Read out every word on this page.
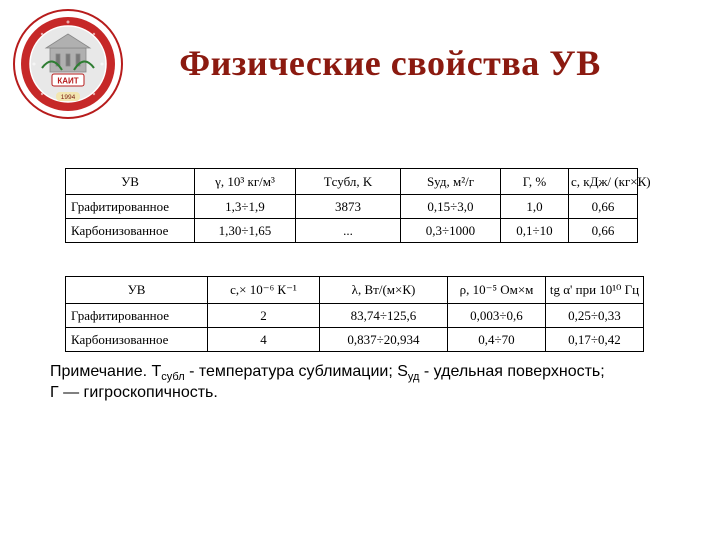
КАИТ
1994
Физические свойства УВ
УВ	γ, 10³ кг/м³	Tсубл, K	Sуд, м²/г	Г, %	с, кДж/ (кг×К)
Графитированное	1,3÷1,9	3873	0,15÷3,0	1,0	0,66
Карбонизованное	1,30÷1,65	...	0,3÷1000	0,1÷10	0,66
УВ	с,× 10⁻⁶ К⁻¹	λ, Вт/(м×К)	ρ, 10⁻⁵ Ом×м	tg α' при 10¹⁰ Гц
Графитированное	2	83,74÷125,6	0,003÷0,6	0,25÷0,33
Карбонизованное	4	0,837÷20,934	0,4÷70	0,17÷0,42
Примечание. $T_{субл}$ - температура сублимации; $S_{уд}$ - удельная поверхность;
Г — гигроскопичность.
